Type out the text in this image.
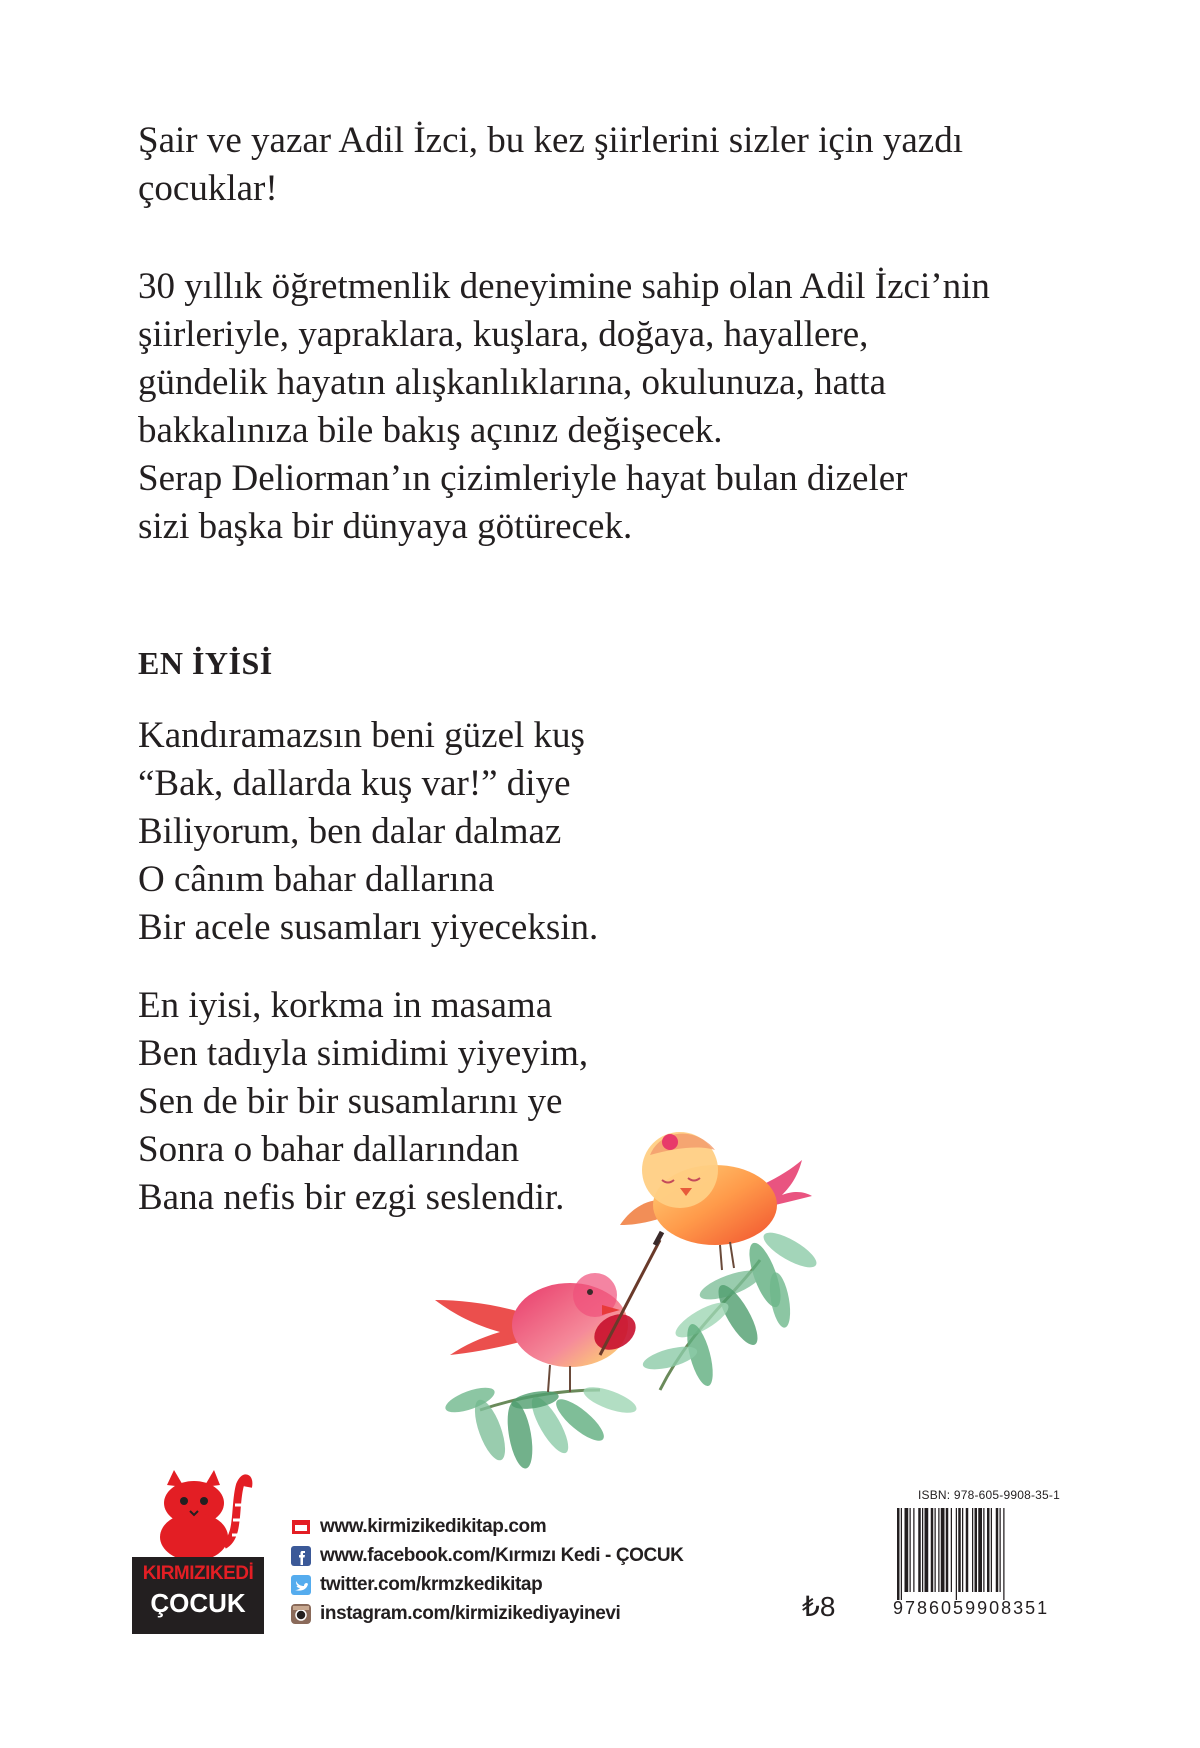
Şair ve yazar Adil İzci, bu kez şiirlerini sizler için yazdı

çocuklar!

30 yıllık öğretmenlik deneyimine sahip olan Adil İzci’nin

şiirleriyle, yapraklara, kuşlara, doğaya, hayallere,

gündelik hayatın alışkanlıklarına, okulunuza, hatta

bakkalınıza bile bakış açınız değişecek.

Serap Deliorman’ın çizimleriyle hayat bulan dizeler

sizi başka bir dünyaya götürecek.

EN İYİSİ

Kandıramazsın beni güzel kuş

“Bak, dallarda kuş var!” diye

Biliyorum, ben dalar dalmaz

O cânım bahar dallarına

Bir acele susamları yiyeceksin.

En iyisi, korkma in masama

Ben tadıyla simidimi yiyeyim,

Sen de bir bir susamlarını ye

Sonra o bahar dallarından

Bana nefis bir ezgi seslendir.

KIRMIZIKEDİ
ÇOCUK
www.kirmizikedikitap.com
www.facebook.com/Kırmızı Kedi - ÇOCUK
twitter.com/krmzkedikitap
instagram.com/kirmizikediyayinevi	₺8
ISBN: 978-605-9908-35-1
9786059908351
